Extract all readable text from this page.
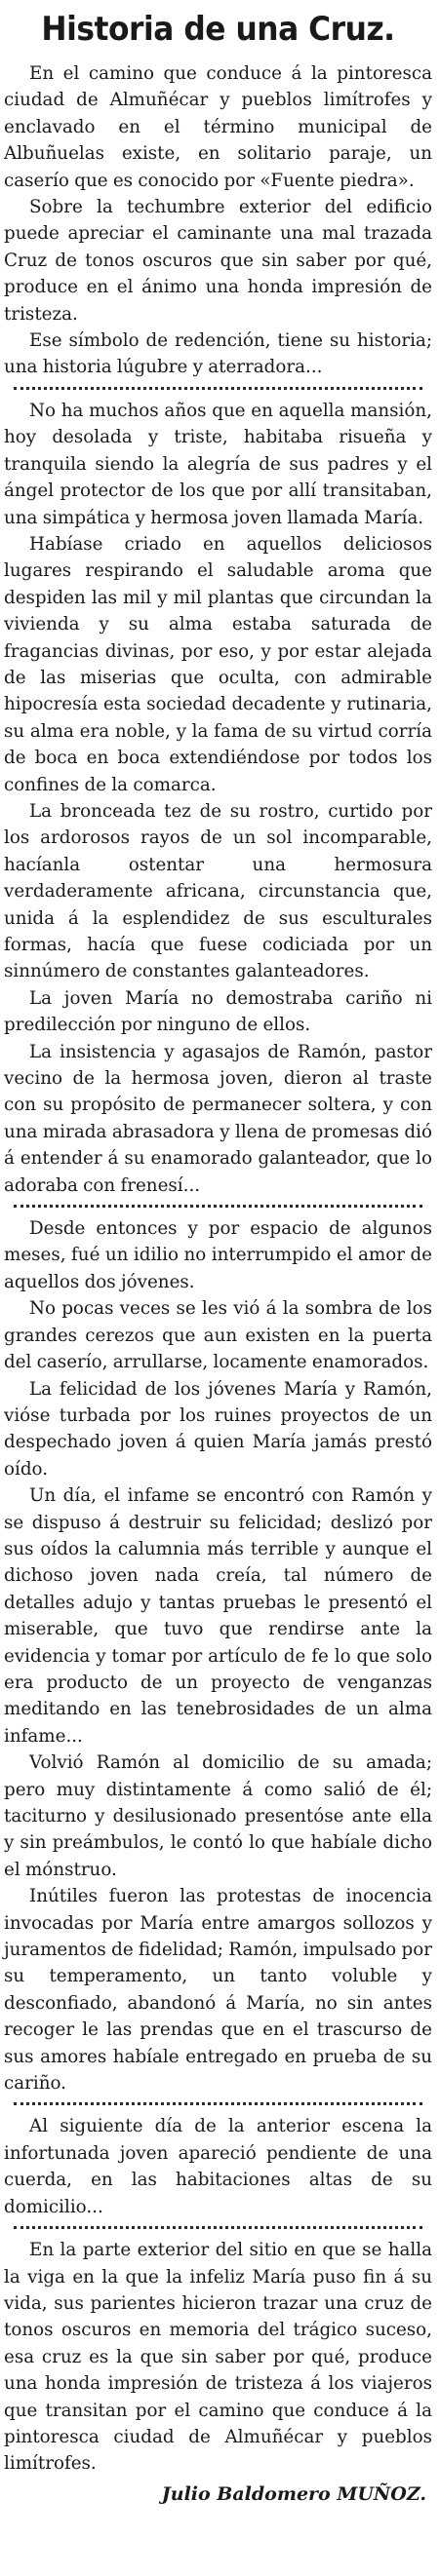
Historia de una Cruz.

En el camino que conduce á la pintoresca ciudad de Almuñécar y pueblos limítrofes y enclavado en el término municipal de Albuñuelas existe, en solitario paraje, un caserío que es conocido por «Fuente piedra».

Sobre la techumbre exterior del edificio puede apreciar el caminante una mal trazada Cruz de tonos oscuros que sin saber por qué, produce en el ánimo una honda impresión de tristeza.

Ese símbolo de redención, tiene su historia; una historia lúgubre y aterradora...

No ha muchos años que en aquella mansión, hoy desolada y triste, habitaba risueña y tranquila siendo la alegría de sus padres y el ángel protector de los que por allí transitaban, una simpática y hermosa joven llamada María.

Habíase criado en aquellos deliciosos lugares respirando el saludable aroma que despiden las mil y mil plantas que circundan la vivienda y su alma estaba saturada de fragancias divinas, por eso, y por estar alejada de las miserias que oculta, con admirable hipocresía esta sociedad decadente y rutinaria, su alma era noble, y la fama de su virtud corría de boca en boca extendiéndose por todos los confines de la comarca.

La bronceada tez de su rostro, curtido por los ardorosos rayos de un sol incomparable, hacíanla ostentar una hermosura verdaderamente africana, circunstancia que, unida á la esplendidez de sus esculturales formas, hacía que fuese codiciada por un sinnúmero de constantes galanteadores.

La joven María no demostraba cariño ni predilección por ninguno de ellos.

La insistencia y agasajos de Ramón, pastor vecino de la hermosa joven, dieron al traste con su propósito de permanecer soltera, y con una mirada abrasadora y llena de promesas dió á entender á su enamorado galanteador, que lo adoraba con frenesí...

Desde entonces y por espacio de algunos meses, fué un idilio no interrumpido el amor de aquellos dos jóvenes.

No pocas veces se les vió á la sombra de los grandes cerezos que aun existen en la puerta del caserío, arrullarse, locamente enamorados.

La felicidad de los jóvenes María y Ramón, vióse turbada por los ruines proyectos de un despechado joven á quien María jamás prestó oído.

Un día, el infame se encontró con Ramón y se dispuso á destruir su felicidad; deslizó por sus oídos la calumnia más terrible y aunque el dichoso joven nada creía, tal número de detalles adujo y tantas pruebas le presentó el miserable, que tuvo que rendirse ante la evidencia y tomar por artículo de fe lo que solo era producto de un proyecto de venganzas meditando en las tenebrosidades de un alma infame...

Volvió Ramón al domicilio de su amada; pero muy distintamente á como salió de él; taciturno y desilusionado presentóse ante ella y sin preámbulos, le contó lo que habíale dicho el mónstruo.

Inútiles fueron las protestas de inocencia invocadas por María entre amargos sollozos y juramentos de fidelidad; Ramón, impulsado por su temperamento, un tanto voluble y desconfiado, abandonó á María, no sin antes recoger le las prendas que en el trascurso de sus amores habíale entregado en prueba de su cariño.

Al siguiente día de la anterior escena la infortunada joven apareció pendiente de una cuerda, en las habitaciones altas de su domicilio...

En la parte exterior del sitio en que se halla la viga en la que la infeliz María puso fin á su vida, sus parientes hicieron trazar una cruz de tonos oscuros en memoria del trágico suceso, esa cruz es la que sin saber por qué, produce una honda impresión de tristeza á los viajeros que transitan por el camino que conduce á la pintoresca ciudad de Almuñécar y pueblos limítrofes.

Julio Baldomero MUÑOZ.
